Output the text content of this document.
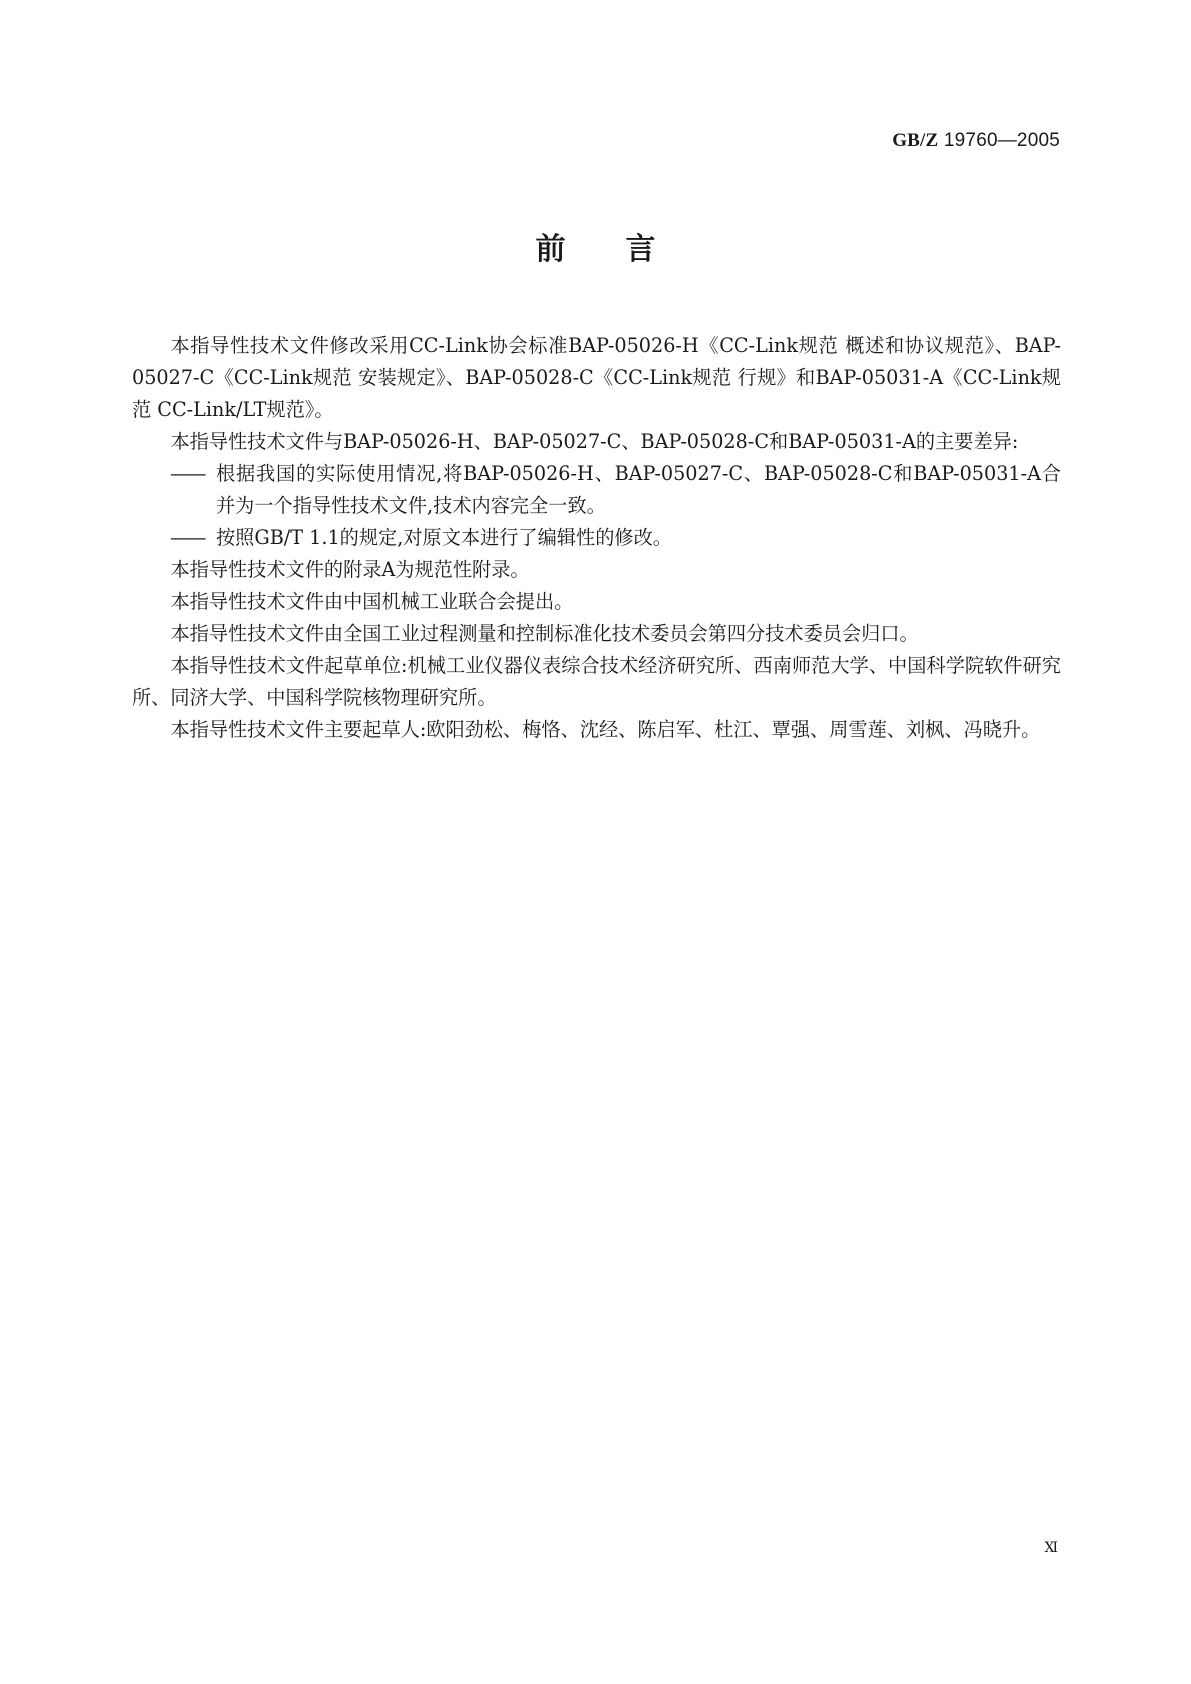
GB/Z 19760—2005
前言

本指导性技术文件修改采用CC-Link协会标准BAP-05026-H《CC-Link规范 概述和协议规范》、BAP-05027-C《CC-Link规范 安装规定》、BAP-05028-C《CC-Link规范 行规》和BAP-05031-A《CC-Link规范 CC-Link/LT规范》。

本指导性技术文件与BAP-05026-H、BAP-05027-C、BAP-05028-C和BAP-05031-A的主要差异:

—— 根据我国的实际使用情况,将BAP-05026-H、BAP-05027-C、BAP-05028-C和BAP-05031-A合并为一个指导性技术文件,技术内容完全一致。

—— 按照GB/T 1.1的规定,对原文本进行了编辑性的修改。

本指导性技术文件的附录A为规范性附录。

本指导性技术文件由中国机械工业联合会提出。

本指导性技术文件由全国工业过程测量和控制标准化技术委员会第四分技术委员会归口。

本指导性技术文件起草单位:机械工业仪器仪表综合技术经济研究所、西南师范大学、中国科学院软件研究所、同济大学、中国科学院核物理研究所。

本指导性技术文件主要起草人:欧阳劲松、梅恪、沈经、陈启军、杜江、覃强、周雪莲、刘枫、冯晓升。

Ⅺ
